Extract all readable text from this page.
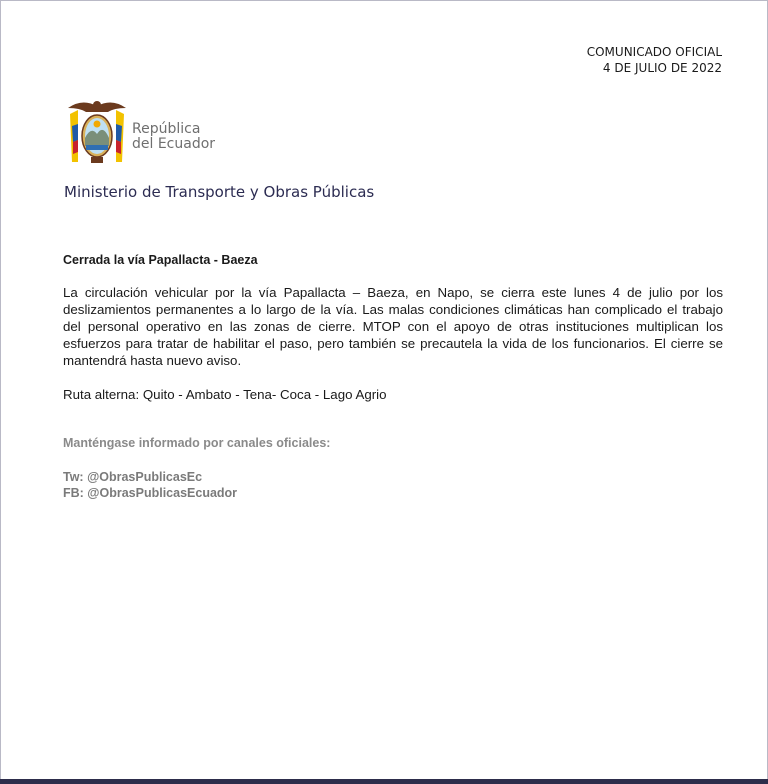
COMUNICADO OFICIAL
4 DE JULIO DE 2022
República
del Ecuador
Ministerio de Transporte y Obras Públicas
Cerrada la vía Papallacta - Baeza
La circulación vehicular por la vía Papallacta – Baeza, en Napo, se cierra este lunes 4 de julio por los deslizamientos permanentes a lo largo de la vía. Las malas condiciones climáticas han complicado el trabajo del personal operativo en las zonas de cierre. MTOP con el apoyo de otras instituciones multiplican los esfuerzos para tratar de habilitar el paso, pero también se precautela la vida de los funcionarios. El cierre se mantendrá hasta nuevo aviso.
Ruta alterna: Quito - Ambato - Tena- Coca - Lago Agrio
Manténgase informado por canales oficiales:
Tw: @ObrasPublicasEc
FB: @ObrasPublicasEcuador
